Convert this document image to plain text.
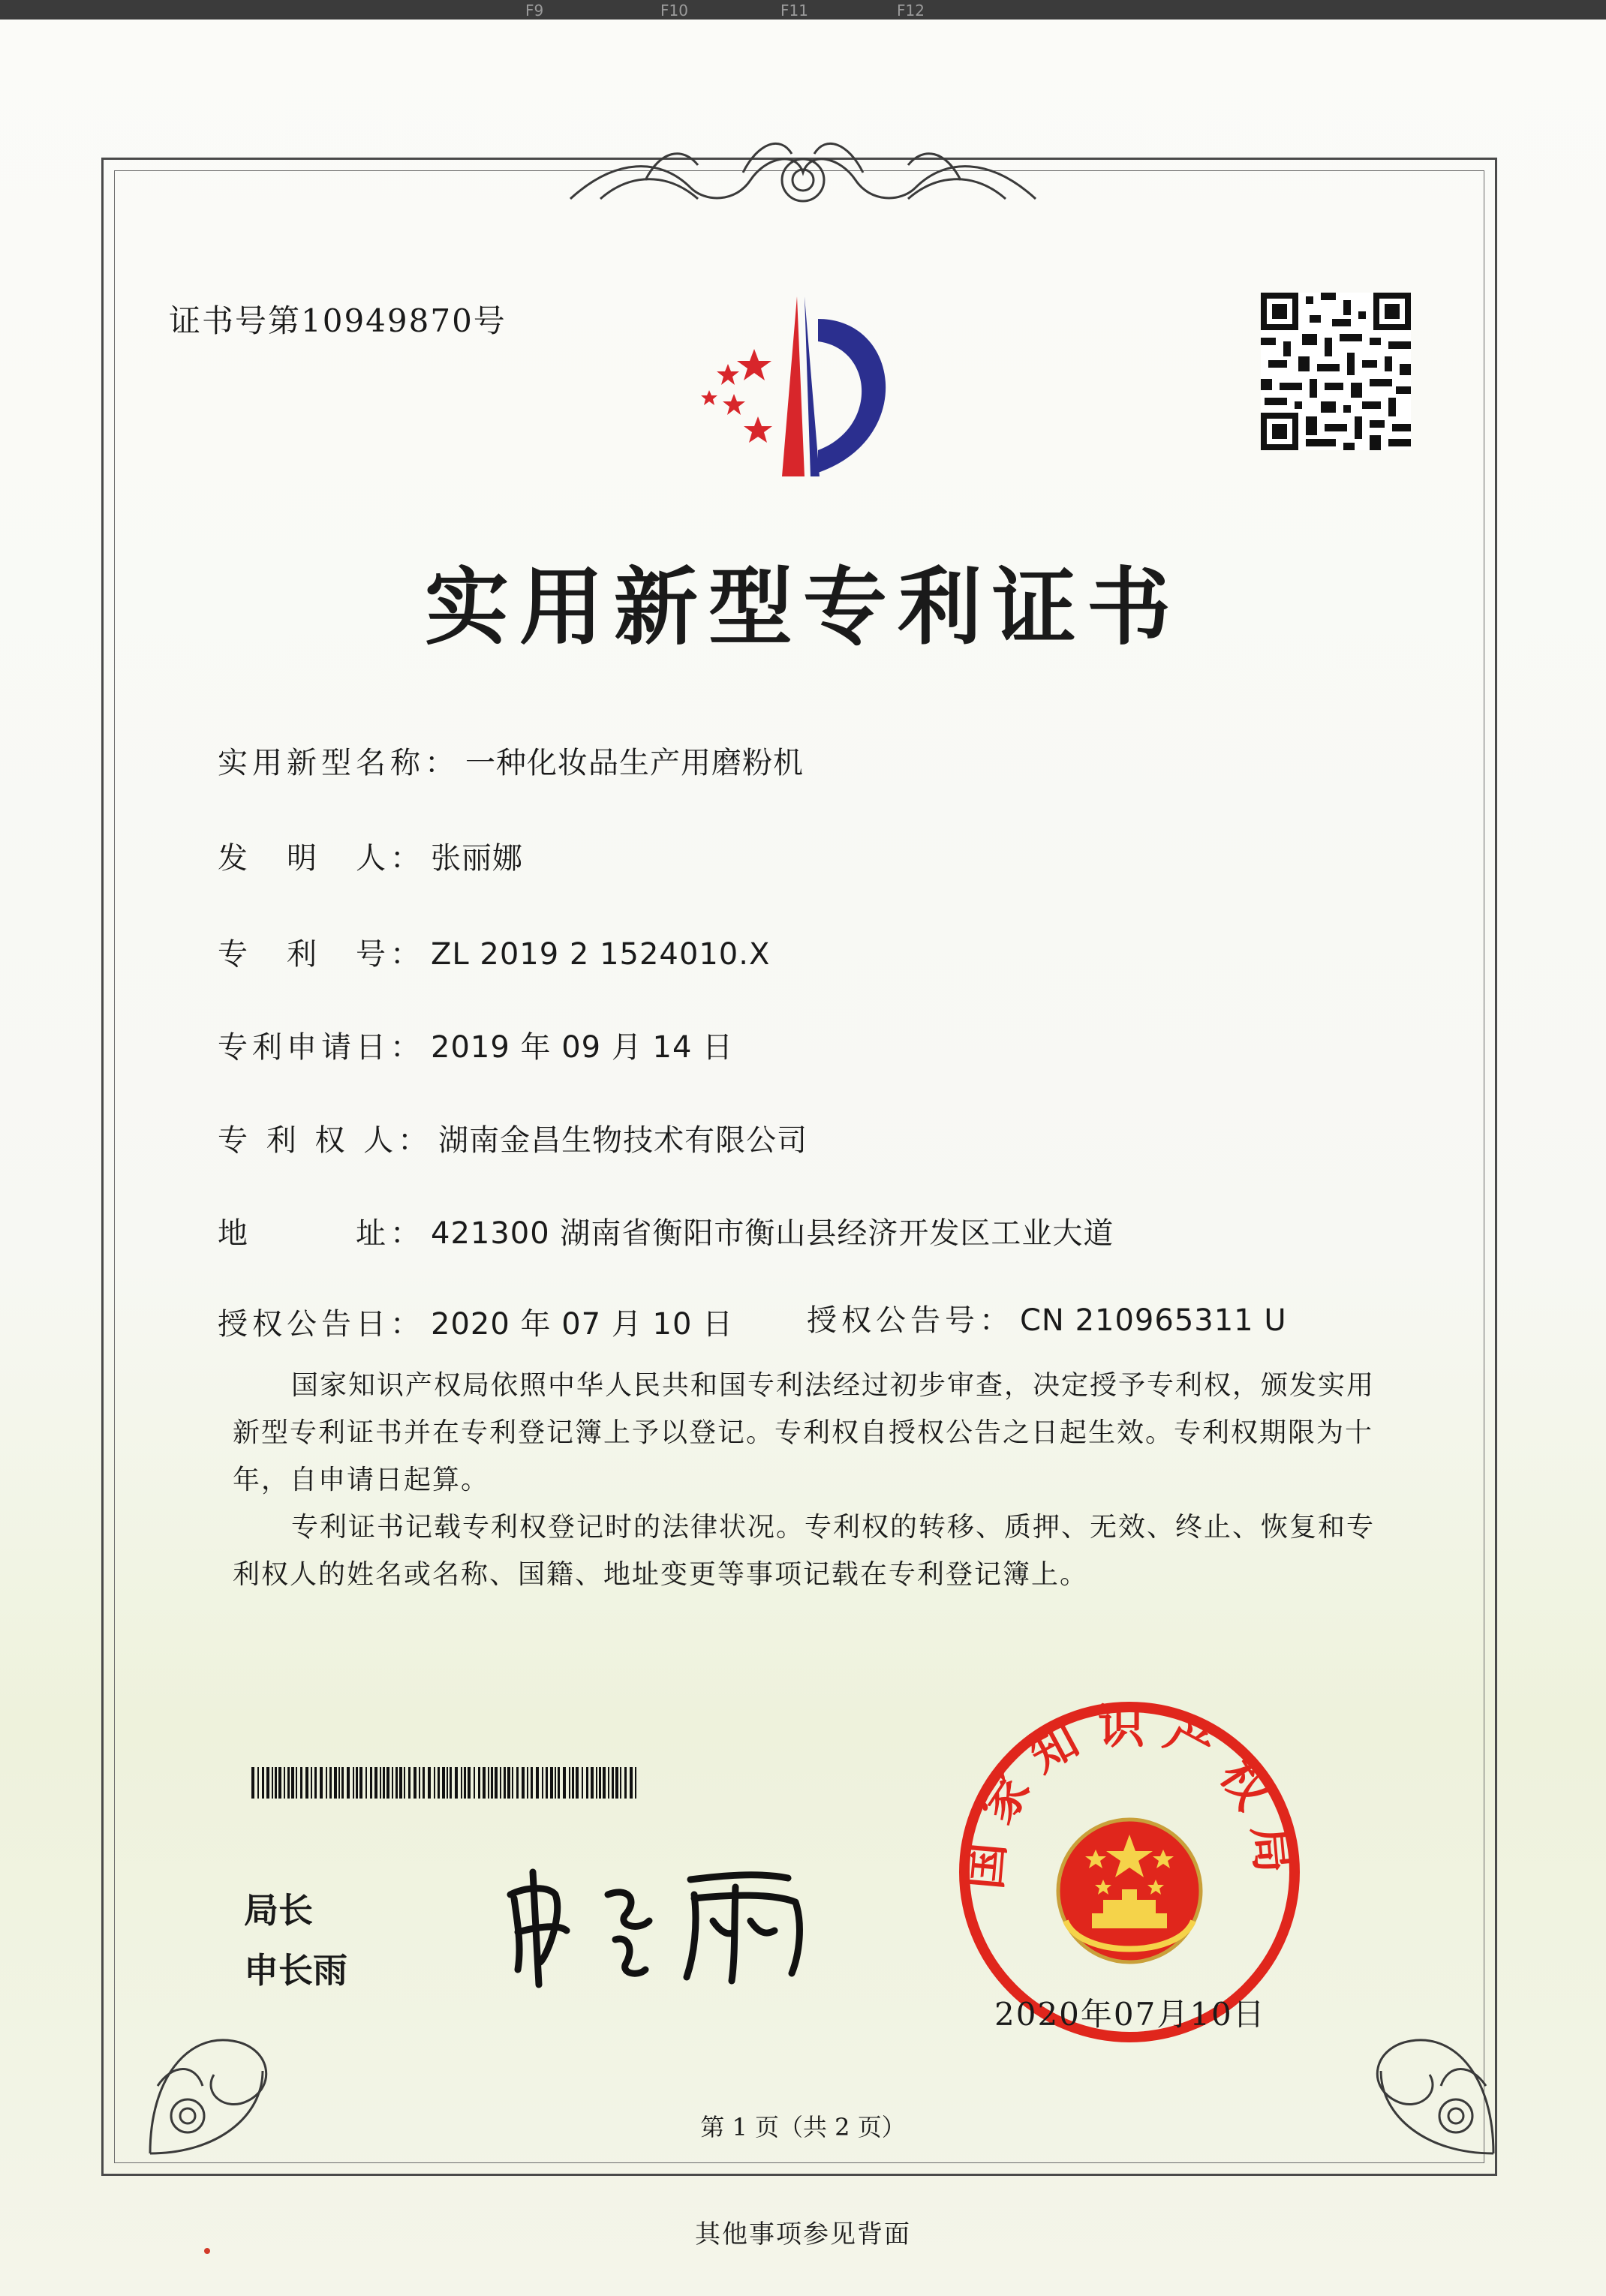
F9	F10	F11	F12
证书号第10949870号
实用新型专利证书
实用新型名称： 一种化妆品生产用磨粉机
发　明　人： 张丽娜
专　利　号： ZL 2019 2 1524010.X
专利申请日： 2019 年 09 月 14 日
专 利 权 人： 湖南金昌生物技术有限公司
地　　　址： 421300 湖南省衡阳市衡山县经济开发区工业大道
授权公告日： 2020 年 07 月 10 日 授权公告号： CN 210965311 U

国家知识产权局依照中华人民共和国专利法经过初步审查，决定授予专利权，颁发实用新型专利证书并在专利登记簿上予以登记。专利权自授权公告之日起生效。专利权期限为十年，自申请日起算。

专利证书记载专利权登记时的法律状况。专利权的转移、质押、无效、终止、恢复和专利权人的姓名或名称、国籍、地址变更等事项记载在专利登记簿上。

局长
申长雨
国家知识产权局
2020年07月10日
第 1 页（共 2 页）
其他事项参见背面
